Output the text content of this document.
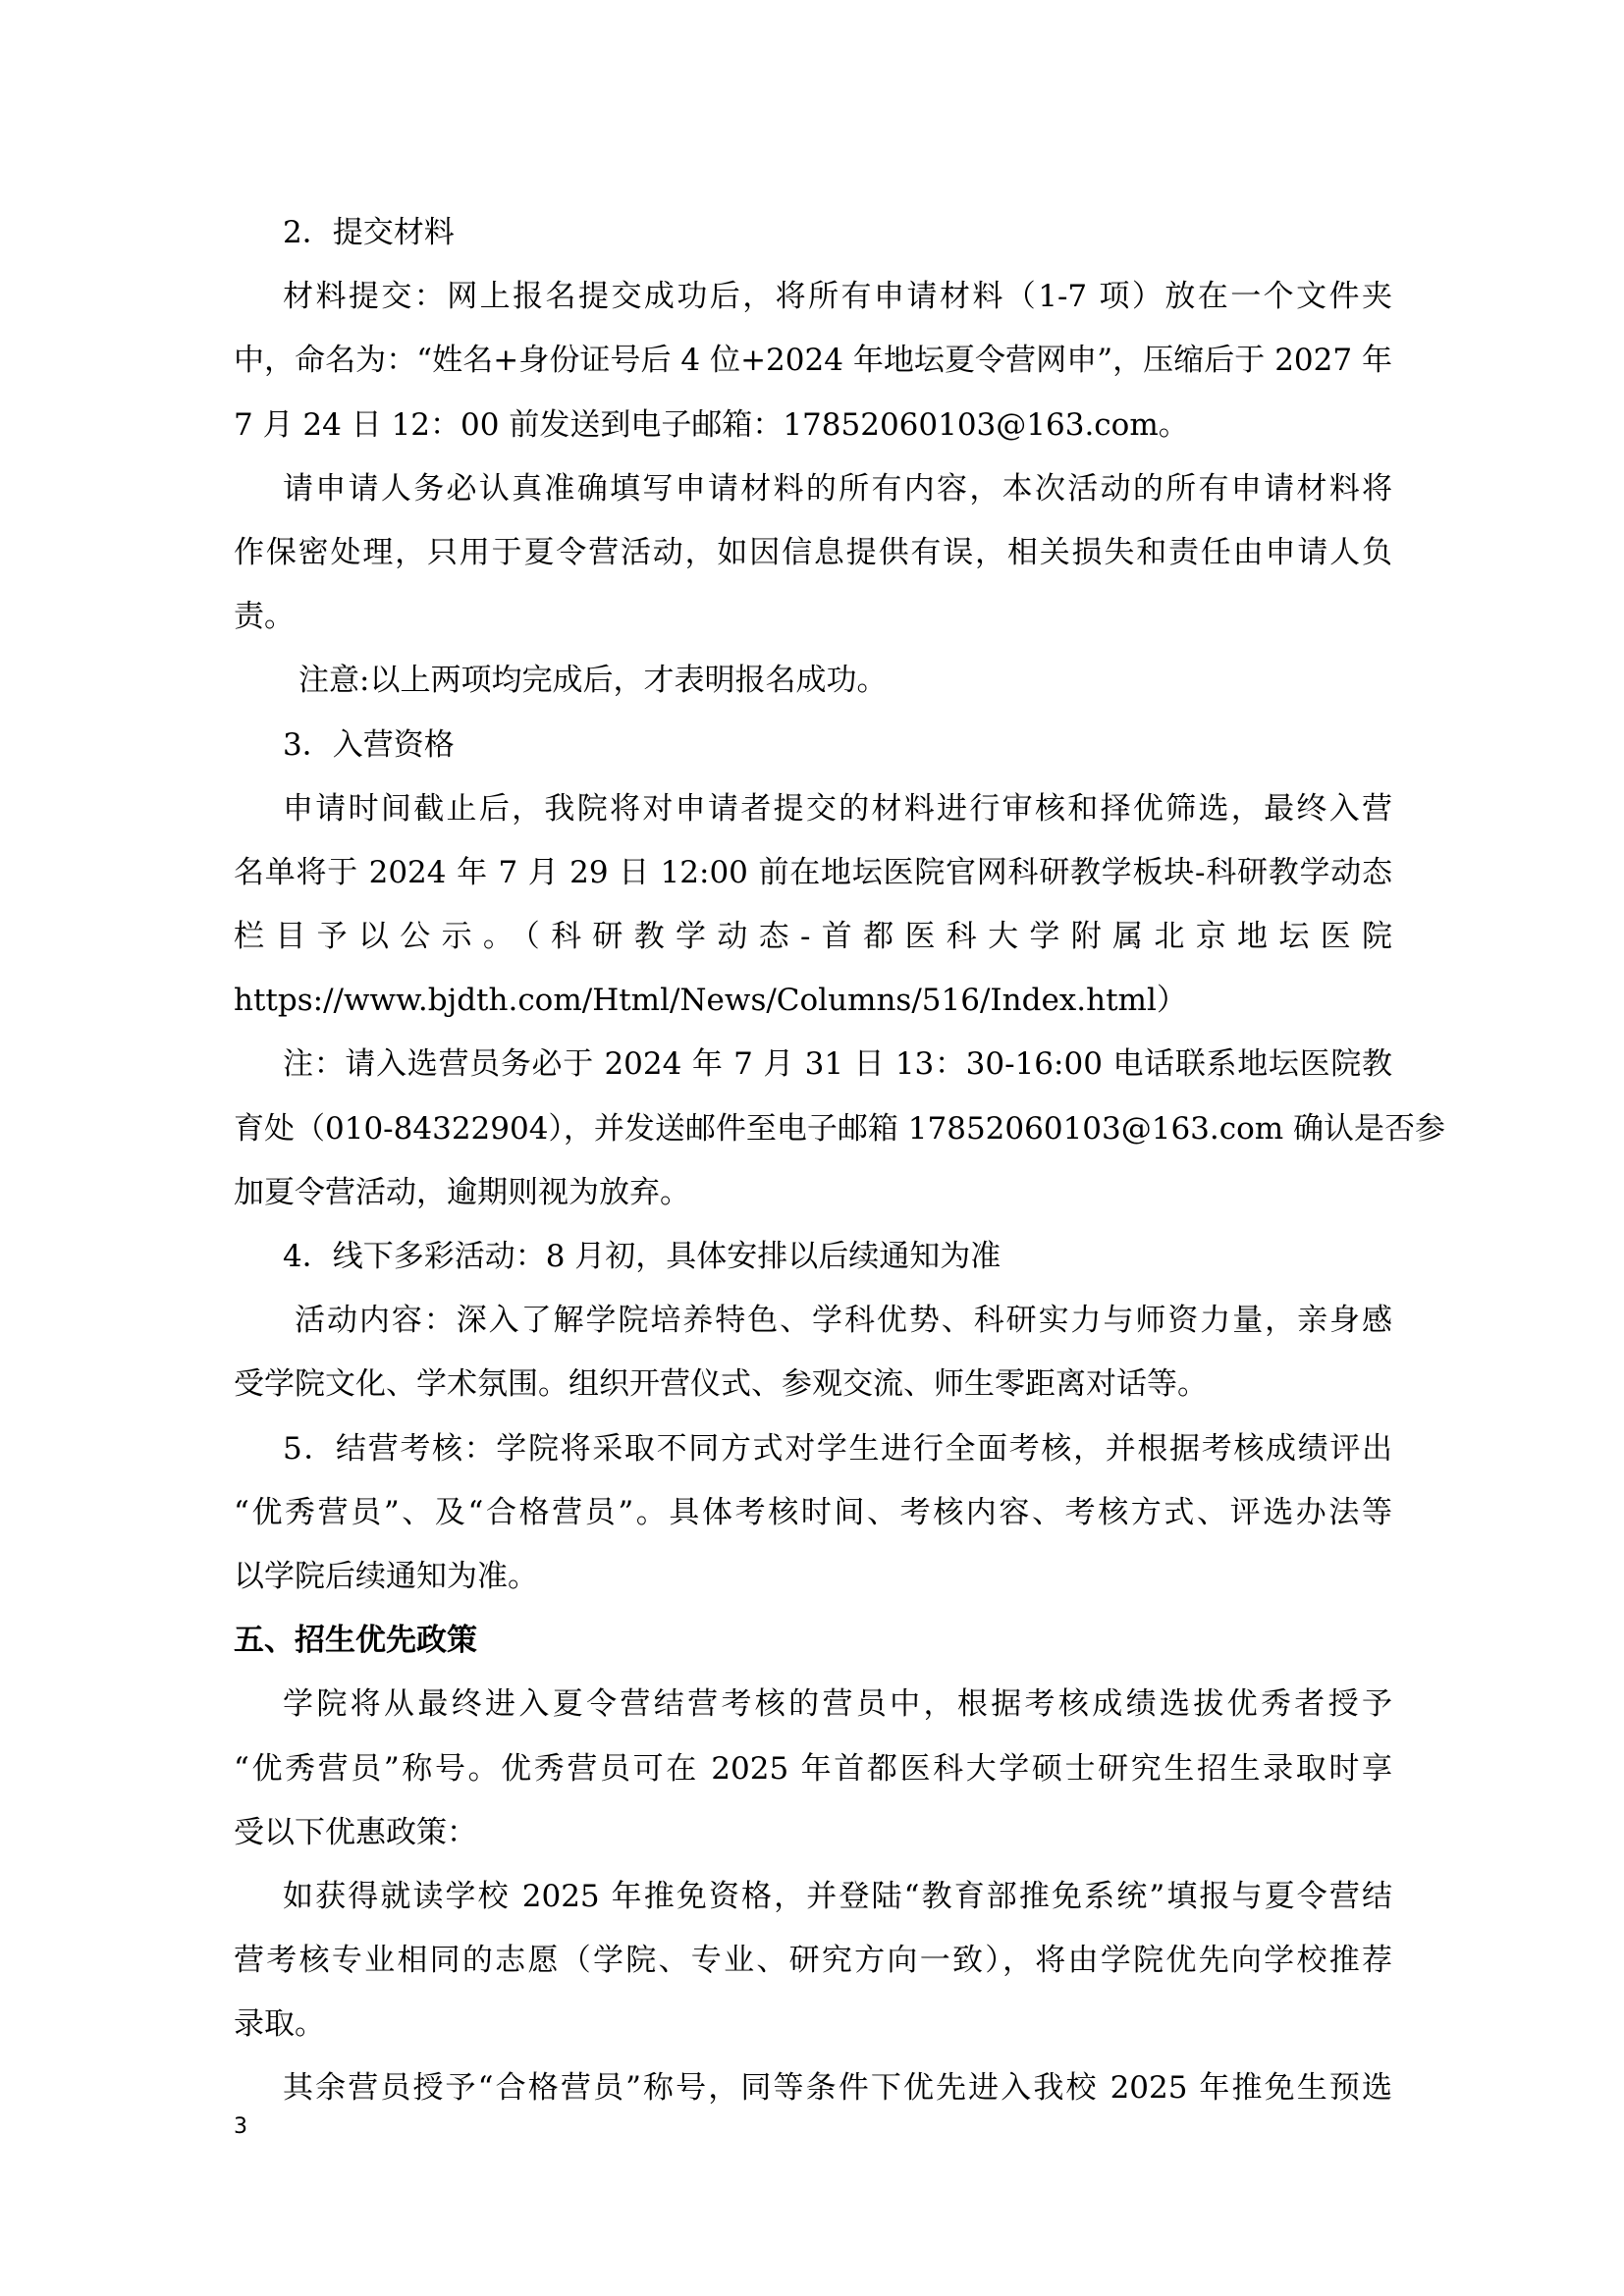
2．提交材料
材料提交：网上报名提交成功后，将所有申请材料（1-7 项）放在一个文件夹
中，命名为：“姓名+身份证号后 4 位+2024 年地坛夏令营网申”，压缩后于 2027 年
7 月 24 日 12：00 前发送到电子邮箱：17852060103@163.com。
请申请人务必认真准确填写申请材料的所有内容，本次活动的所有申请材料将
作保密处理，只用于夏令营活动，如因信息提供有误，相关损失和责任由申请人负
责。
注意:以上两项均完成后，才表明报名成功。
3．入营资格
申请时间截止后，我院将对申请者提交的材料进行审核和择优筛选，最终入营
名单将于 2024 年 7 月 29 日 12:00 前在地坛医院官网科研教学板块-科研教学动态
栏目予以公示。（科研教学动态-首都医科大学附属北京地坛医院
https://www.bjdth.com/Html/News/Columns/516/Index.html）
注：请入选营员务必于 2024 年 7 月 31 日 13：30-16:00 电话联系地坛医院教
育处（010-84322904），并发送邮件至电子邮箱 17852060103@163.com 确认是否参
加夏令营活动，逾期则视为放弃。
4．线下多彩活动：8 月初，具体安排以后续通知为准
活动内容：深入了解学院培养特色、学科优势、科研实力与师资力量，亲身感
受学院文化、学术氛围。组织开营仪式、参观交流、师生零距离对话等。
5．结营考核：学院将采取不同方式对学生进行全面考核，并根据考核成绩评出
“优秀营员”、及“合格营员”。具体考核时间、考核内容、考核方式、评选办法等
以学院后续通知为准。
五、招生优先政策
学院将从最终进入夏令营结营考核的营员中，根据考核成绩选拔优秀者授予
“优秀营员”称号。优秀营员可在 2025 年首都医科大学硕士研究生招生录取时享
受以下优惠政策：
如获得就读学校 2025 年推免资格，并登陆“教育部推免系统”填报与夏令营结
营考核专业相同的志愿（学院、专业、研究方向一致），将由学院优先向学校推荐
录取。
其余营员授予“合格营员”称号，同等条件下优先进入我校 2025 年推免生预选
3
